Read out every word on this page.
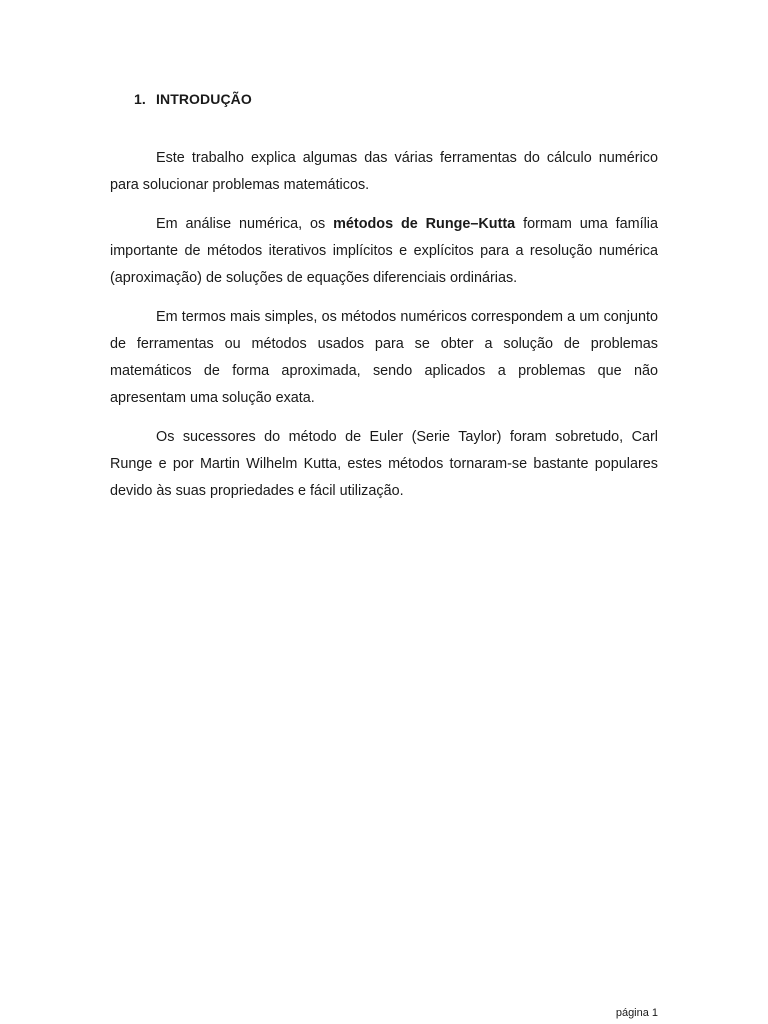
1. INTRODUÇÃO

Este trabalho explica algumas das várias ferramentas do cálculo numérico para solucionar problemas matemáticos.

Em análise numérica, os métodos de Runge–Kutta formam uma família importante de métodos iterativos implícitos e explícitos para a resolução numérica (aproximação) de soluções de equações diferenciais ordinárias.

Em termos mais simples, os métodos numéricos correspondem a um conjunto de ferramentas ou métodos usados para se obter a solução de problemas matemáticos de forma aproximada, sendo aplicados a problemas que não apresentam uma solução exata.

Os sucessores do método de Euler (Serie Taylor) foram sobretudo, Carl Runge e por Martin Wilhelm Kutta, estes métodos tornaram-se bastante populares devido às suas propriedades e fácil utilização.

página 1
